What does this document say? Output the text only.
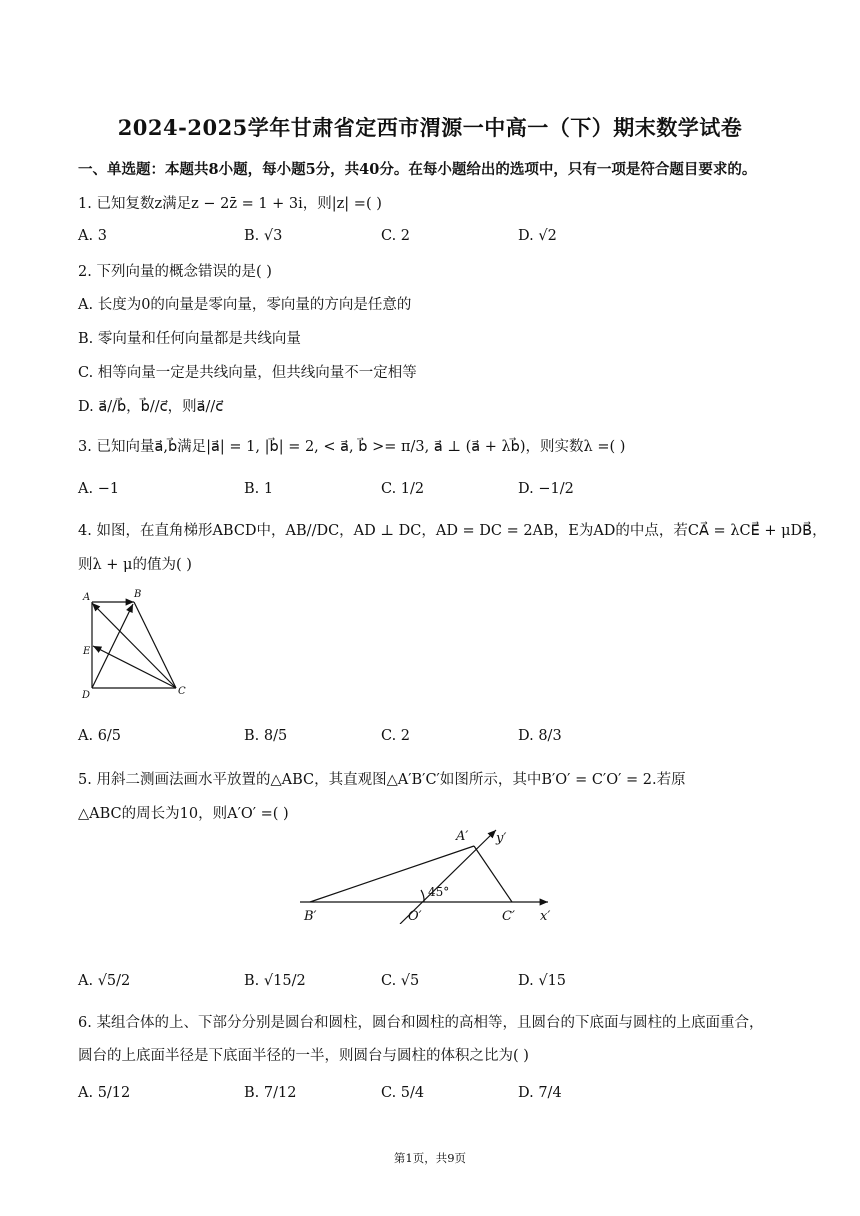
2024-2025学年甘肃省定西市渭源一中高一（下）期末数学试卷
一、单选题：本题共8小题，每小题5分，共40分。在每小题给出的选项中，只有一项是符合题目要求的。
1. 已知复数z满足z − 2z̄ = 1 + 3i，则|z| =( )
A. 3	B. √3	C. 2	D. √2
2. 下列向量的概念错误的是( )
A. 长度为0的向量是零向量，零向量的方向是任意的
B. 零向量和任何向量都是共线向量
C. 相等向量一定是共线向量，但共线向量不一定相等
D. a⃗//b⃗，b⃗//c⃗，则a⃗//c⃗
3. 已知向量a⃗,b⃗满足|a⃗| = 1, |b⃗| = 2, < a⃗, b⃗ >= π/3, a⃗ ⊥ (a⃗ + λb⃗)，则实数λ =( )
A. −1	B. 1	C. 1/2	D. −1/2
4. 如图，在直角梯形ABCD中，AB//DC，AD ⊥ DC，AD = DC = 2AB，E为AD的中点，若CA⃗ = λCE⃗ + μDB⃗，
则λ + μ的值为( )
A	B
E
D	C
A. 6/5	B. 8/5	C. 2	D. 8/3
5. 用斜二测画法画水平放置的△ABC，其直观图△A′B′C′如图所示，其中B′O′ = C′O′ = 2.若原
△ABC的周长为10，则A′O′ =( )
A′ y′
45°
B′	O′	C′ x′
A. √5/2	B. √15/2	C. √5	D. √15
6. 某组合体的上、下部分分别是圆台和圆柱，圆台和圆柱的高相等，且圆台的下底面与圆柱的上底面重合，
圆台的上底面半径是下底面半径的一半，则圆台与圆柱的体积之比为( )
A. 5/12	B. 7/12	C. 5/4	D. 7/4
第1页，共9页
